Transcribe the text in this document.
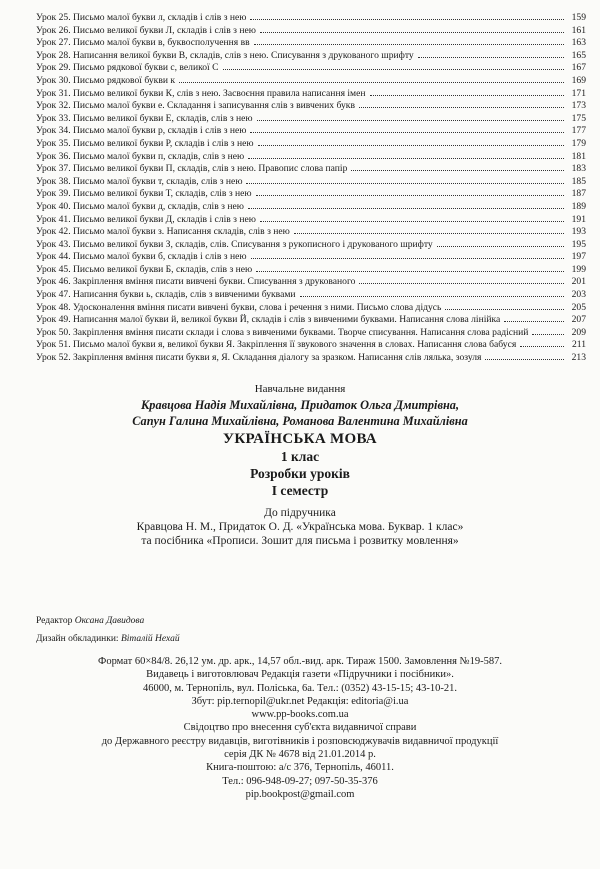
Урок 25. Письмо малої букви л, складів і слів з нею	159
Урок 26. Письмо великої букви Л, складів і слів з нею	161
Урок 27. Письмо малої букви в, буквосполучення вв	163
Урок 28. Написання великої букви В, складів, слів з нею. Списування з друкованого шрифту	165
Урок 29. Письмо рядкової букви с, великої С	167
Урок 30. Письмо рядкової букви к	169
Урок 31. Письмо великої букви К, слів з нею. Засвоєння правила написання імен	171
Урок 32. Письмо малої букви е. Складання і записування слів з вивчених букв	173
Урок 33. Письмо великої букви Е, складів, слів з нею	175
Урок 34. Письмо малої букви р, складів і слів з нею	177
Урок 35. Письмо великої букви Р, складів і слів з нею	179
Урок 36. Письмо малої букви п, складів, слів з нею	181
Урок 37. Письмо великої букви П, складів, слів з нею. Правопис слова папір	183
Урок 38. Письмо малої букви т, складів, слів з нею	185
Урок 39. Письмо великої букви Т, складів, слів з нею	187
Урок 40. Письмо малої букви д, складів, слів з нею	189
Урок 41. Письмо великої букви Д, складів і слів з нею	191
Урок 42. Письмо малої букви з. Написання складів, слів з нею	193
Урок 43. Письмо великої букви З, складів, слів. Списування з рукописного і друкованого шрифту	195
Урок 44. Письмо малої букви б, складів і слів з нею	197
Урок 45. Письмо великої букви Б, складів, слів з нею	199
Урок 46. Закріплення вміння писати вивчені букви. Списування з друкованого	201
Урок 47. Написання букви ь, складів, слів з вивченими буквами	203
Урок 48. Удосконалення вміння писати вивчені букви, слова і речення з ними. Письмо слова дідусь	205
Урок 49. Написання малої букви й, великої букви Й, складів і слів з вивченими буквами. Написання слова лінійка	207
Урок 50. Закріплення вміння писати склади і слова з вивченими буквами. Творче списування. Написання слова радісний	209
Урок 51. Письмо малої букви я, великої букви Я. Закріплення її звукового значення в словах. Написання слова бабуся	211
Урок 52. Закріплення вміння писати букви я, Я. Складання діалогу за зразком. Написання слів лялька, зозуля	213
Навчальне видання
Кравцова Надія Михайлівна, Придаток Ольга Дмитрівна,
Сапун Галина Михайлівна, Романова Валентина Михайлівна
УКРАЇНСЬКА МОВА
1 клас
Розробки уроків
І семестр
До підручника
Кравцова Н. М., Придаток О. Д. «Українська мова. Буквар. 1 клас»
та посібника «Прописи. Зошит для письма і розвитку мовлення»
Редактор Оксана Давидова
Дизайн обкладинки: Віталій Нехай
Формат 60×84/8. 26,12 ум. др. арк., 14,57 обл.-вид. арк. Тираж 1500. Замовлення №19-587.
Видавець і виготовлювач Редакція газети «Підручники і посібники».
46000, м. Тернопіль, вул. Поліська, 6а. Тел.: (0352) 43-15-15; 43-10-21.
Збут: pip.ternopil@ukr.net Редакція: editoria@i.ua
www.pp-books.com.ua
Свідоцтво про внесення суб'єкта видавничої справи
до Державного реєстру видавців, виготівників і розповсюджувачів видавничої продукції
серія ДК № 4678 від 21.01.2014 р.
Книга-поштою: а/с 376, Тернопіль, 46011.
Тел.: 096-948-09-27; 097-50-35-376
pip.bookpost@gmail.com
